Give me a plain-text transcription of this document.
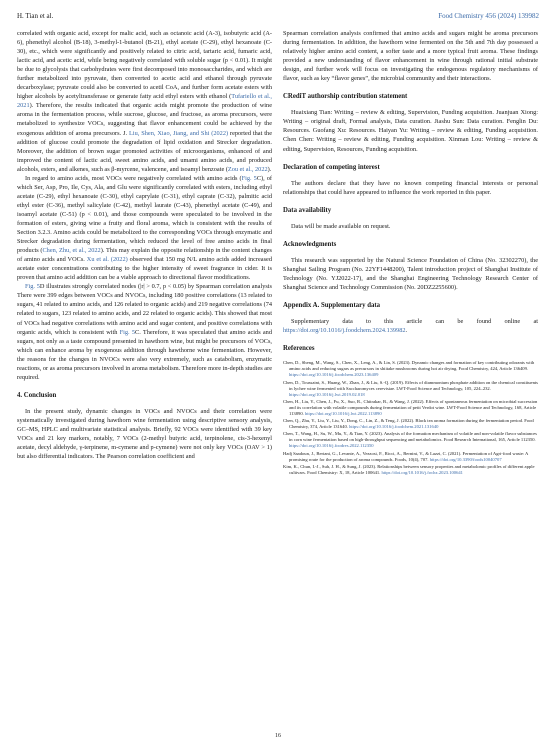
H. Tian et al.	Food Chemistry 456 (2024) 139982

correlated with organic acid, except for malic acid, such as octanoic acid (A-3), isobutyric acid (A-6), phenethyl alcohol (B-18), 3-methyl-1-butanol (B-21), ethyl acetate (C-29), ethyl hexanoate (C-30), etc., which were significantly and positively related to citric acid, tartaric acid, fumaric acid, lactic acid, and acetic acid, while being negatively correlated with soluble sugar (p < 0.01). It might be due to glycolysis that carbohydrates were first decomposed into monosaccharides, and which are further metabolized into pyruvate, then converted to acetic acid and ethanol through pyruvate decarboxylase; pyruvate could also be converted to acetil CoA, and further form acetate esters with higher alcohols by acetyltransferase or generate fatty acid ethyl esters with ethanol (Tufariello et al., 2021). Therefore, the results indicated that organic acids might promote the production of wine aroma in the fermentation process, while sucrose, glucose, and fructose, as aroma precursors, were metabolized to synthesize VOCs, suggesting that flavor enhancement could be achieved by the exogenous addition of aroma precursors. J. Liu, Shen, Xiao, Jiang, and Shi (2022) reported that the addition of glucose could promote the degradation of lipid oxidation and Strecker degradation. Moreover, the addition of brown sugar promoted activities of microorganisms, enhanced of and improved the content of lactic acid, sweet amino acids, and umami amino acids, and produced alcohols, esters, and alkenes, such as β-myrcene, valencene, and isoamyl benzoate (Zou et al., 2022).

In regard to amino acids, most VOCs were negatively correlated with amino acids (Fig. 5C), of which Ser, Asp, Pro, Ile, Cys, Ala, and Glu were significantly correlated with esters, including ethyl acetate (C-29), ethyl hexanoate (C-30), ethyl caprylate (C-31), ethyl caprate (C-32), palmitic acid ethyl ester (C-36), methyl salicylate (C-42), methyl laurate (C-43), phenethyl acetate (C-49), and isoamyl acetate (C-51) (p < 0.01), and those compounds were speculated to be involved in the formation of esters, giving wine a fruity and floral aroma, which is consistent with the results of Section 3.2.3. Amino acids could be metabolized to the corresponding VOCs through enzymatic and Strecker degradation during fermentation, which reduced the level of free amino acids in final products (Chen, Zhu, et al., 2022). This may explain the opposite relationship in the content changes of amino acids and VOCs. Xu et al. (2022) observed that 150 mg N/L amino acids added increased acetate ester concentrations contributing to the higher intensity of sweet fragrance in cider. It is proven that amino acid addition can be a viable approach to directional flavor modifications.

Fig. 5D illustrates strongly correlated nodes (|r| > 0.7, p < 0.05) by Spearman correlation analysis There were 399 edges between VOCs and NVOCs, including 180 positive correlations (13 related to sugars, 41 related to amino acids, and 126 related to organic acids) and 219 negative correlations (74 related to sugars, 123 related to amino acids, and 22 related to organic acids). This showed that most of VOCs had negative correlations with amino acid and sugar content, and positive correlations with organic acids, which is consistent with Fig. 5C. Therefore, it was speculated that amino acids and sugars, not only as a taste compound presented in hawthorn wine, but might be precursors of VOCs, which can enhance aroma by exogenous addition through hawthorne wine fermentation. However, the reasons for the changes in NVOCs were also very extremely, such as catabolism, enzymatic reactions, or as aroma precursors involved in aroma metabolism. Therefore more in-depth studies are required.

4. Conclusion

In the present study, dynamic changes in VOCs and NVOCs and their correlation were systematically investigated during hawthorn wine fermentation using descriptive sensory analysis, GC–MS, HPLC and multivariate statistical analysis. Briefly, 92 VOCs were identified with 39 key VOCs and 21 key markers, notably, 7 VOCs (2-methyl butyric acid, terpinolene, cis-3-hexenyl acetate, decyl aldehyde, γ-terpinene, m-cymene and p-cymene) were not only key VOCs (OAV > 1) but also differential indicators. The Pearson correlation coefficient and

Spearman correlation analysis confirmed that amino acids and sugars might be aroma precursors during fermentation. In addition, the hawthorn wine fermented on the 5th and 7th day possessed a relatively higher amino acid content, a softer taste and a more typical fruit aroma. These findings provided a new understanding of flavor enhancement in wine through rational initial substrate design, and further work will focus on investigating the endogenous regulatory mechanisms of flavor, such as key “flavor genes”, the microbial community and their interactions.

CRediT authorship contribution statement

Huaixiang Tian: Writing – review & editing, Supervision, Funding acquisition. Juanjuan Xiong: Writing – original draft, Formal analysis, Data curation. Jiashu Sun: Data curation. Fenglin Du: Resources. Guofang Xu: Resources. Haiyan Yu: Writing – review & editing, Funding acquisition. Chen Chen: Writing – review & editing, Funding acquisition. Xinman Lou: Writing – review & editing, Supervision, Resources, Funding acquisition.

Declaration of competing interest

The authors declare that they have no known competing financial interests or personal relationships that could have appeared to influence the work reported in this paper.

Data availability

Data will be made available on request.

Acknowledgments

This research was supported by the Natural Science Foundation of China (No. 32302270), the Shanghai Sailing Program (No. 22YF1448200), Talent introduction project of Shanghai Institute of Technology (No. YJ2022-17), and the Shanghai Engineering Technology Research Center of Shanghai Science and Technology Commission (No. 20DZ2255600).

Appendix A. Supplementary data

Supplementary data to this article can be found online at https://doi.org/10.1016/j.foodchem.2024.139982.

References
Chen, D., Sheng, M., Wang, S., Chen, X., Leng, A., & Lin, S. (2023). Dynamic changes and formation of key contributing odorants with amino acids and reducing sugars as precursors in shiitake mushrooms during hot air drying. Food Chemistry, 424, Article 136409. https://doi.org/10.1016/j.foodchem.2023.136409
Chen, D., Toussaint, S., Huang, W., Zhan, J., & Liu, S.-Q. (2019). Effects of diammonium phosphate addition on the chemical constituents in lychee wine fermented with Saccharomyces cerevisiae. LWT-Food Science and Technology, 105, 224–232. https://doi.org/10.1016/j.lwt.2019.02.018
Chen, H., Liu, Y., Chen, J., Fu, X., Suo, R., Chitrakar, B., & Wang, J. (2022). Effects of spontaneous fermentation on microbial succession and its correlation with volatile compounds during fermentation of petit Verdot wine. LWT-Food Science and Technology, 168, Article 113890. https://doi.org/10.1016/j.lwt.2022.113890
Chen, Q., Zhu, Y., Liu, Y., Liu, Y., Dong, C., Lin, Z., & Teng, J. (2022). Black tea aroma formation during the fermentation period. Food Chemistry, 374, Article 131640. https://doi.org/10.1016/j.foodchem.2021.131640
Chen, T., Wang, H., Su, W., Mu, Y., & Tian, Y. (2023). Analysis of the formation mechanism of volatile and non-volatile flavor substances in corn wine fermentation based on high-throughput sequencing and metabolomics. Food Research International, 165, Article 112350. https://doi.org/10.1016/j.foodres.2022.112350
Hadj Saadoun, J., Bertani, G., Levante, A., Vezzosi, F., Ricci, A., Bernini, V., & Lazzi, C. (2021). Fermentation of Agri-food waste: A promising route for the production of aroma compounds. Foods, 10(4), 707. https://doi.org/10.3390/foods10040707
Kim, K., Chun, I.-J., Suh, J. H., & Sung, J. (2023). Relationships between sensory properties and metabolomic profiles of different apple cultivars. Food Chemistry: X, 18, Article 100641. https://doi.org/10.1016/j.fochx.2023.100641
16
